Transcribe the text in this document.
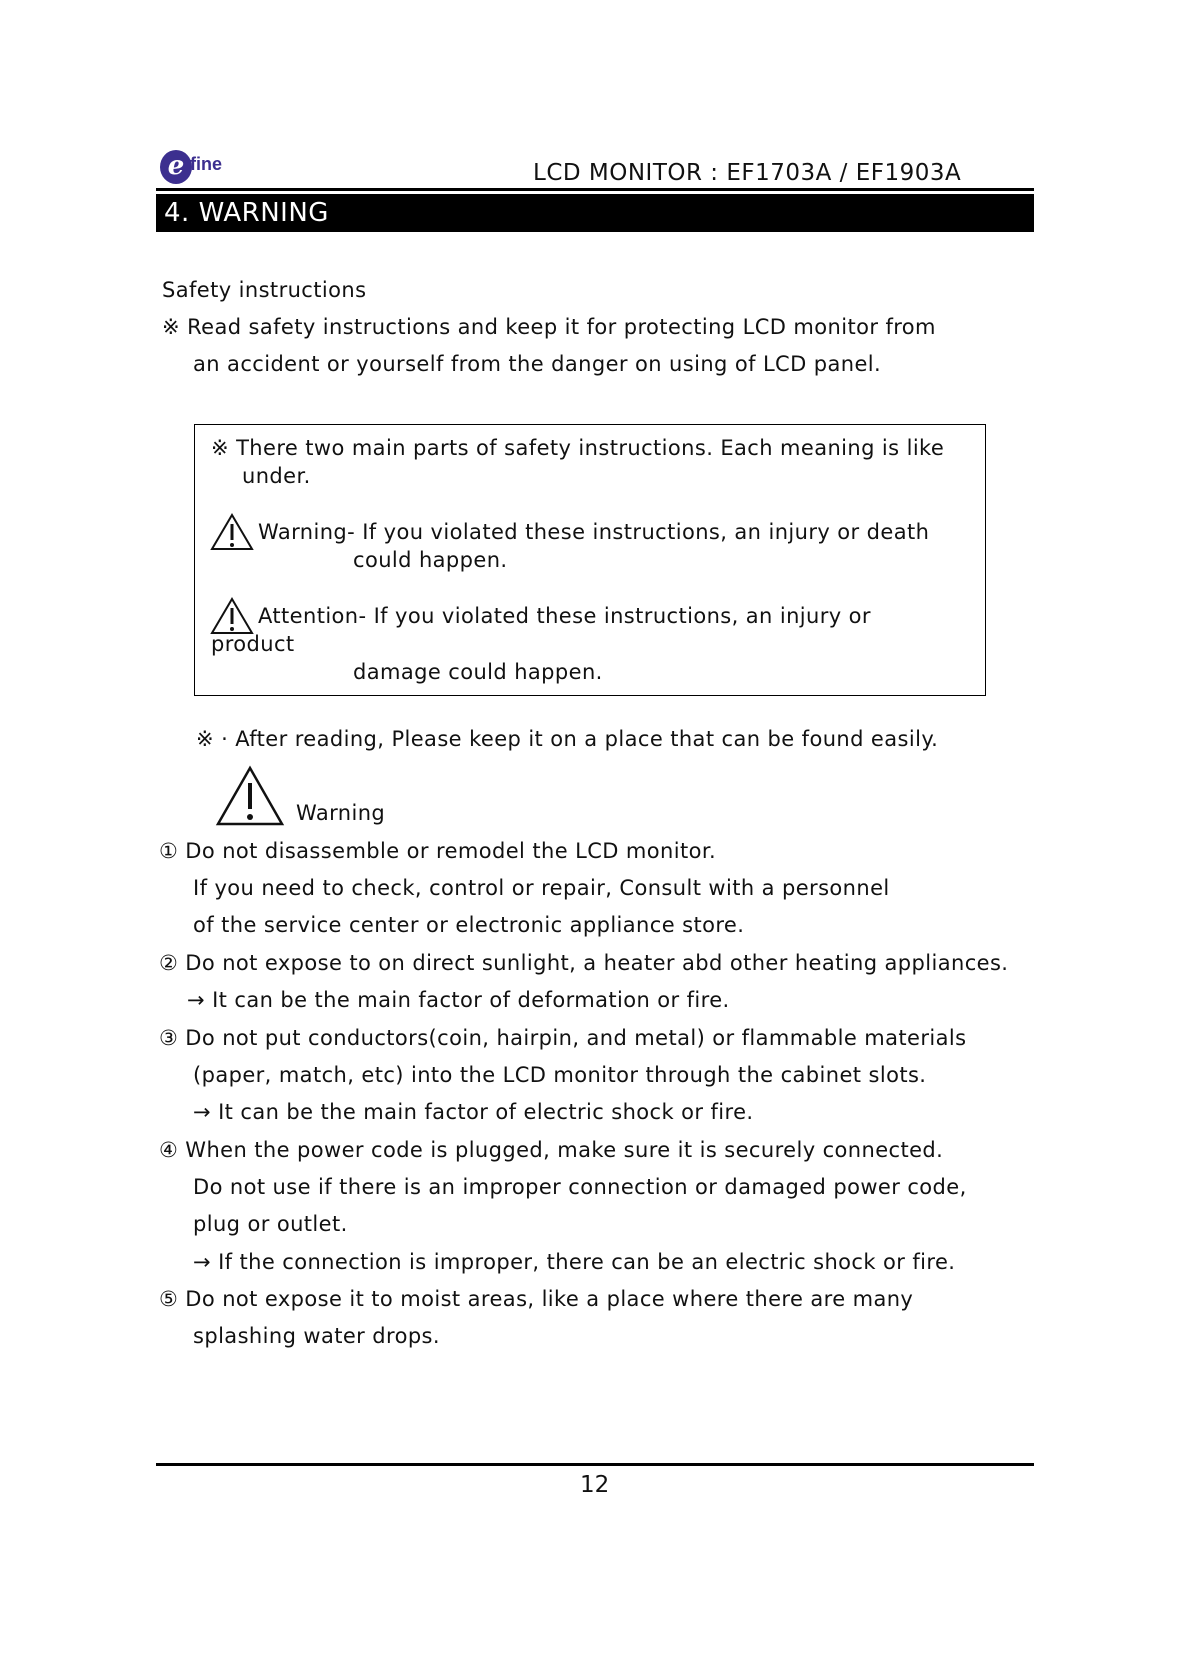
e fine	LCD MONITOR : EF1703A / EF1903A
4. WARNING
Safety instructions
※ Read safety instructions and keep it for protecting LCD monitor from
an accident or yourself from the danger on using of LCD panel.
※ There two main parts of safety instructions. Each meaning is like
under.
Warning- If you violated these instructions, an injury or death
could happen.
Attention- If you violated these instructions, an injury or
product
damage could happen.
※ · After reading, Please keep it on a place that can be found easily.
Warning
① Do not disassemble or remodel the LCD monitor.
If you need to check, control or repair, Consult with a personnel
of the service center or electronic appliance store.
② Do not expose to on direct sunlight, a heater abd other heating appliances.
→ It can be the main factor of deformation or fire.
③ Do not put conductors(coin, hairpin, and metal) or flammable materials
(paper, match, etc) into the LCD monitor through the cabinet slots.
→ It can be the main factor of electric shock or fire.
④ When the power code is plugged, make sure it is securely connected.
Do not use if there is an improper connection or damaged power code,
plug or outlet.
→ If the connection is improper, there can be an electric shock or fire.
⑤ Do not expose it to moist areas, like a place where there are many
splashing water drops.
12
